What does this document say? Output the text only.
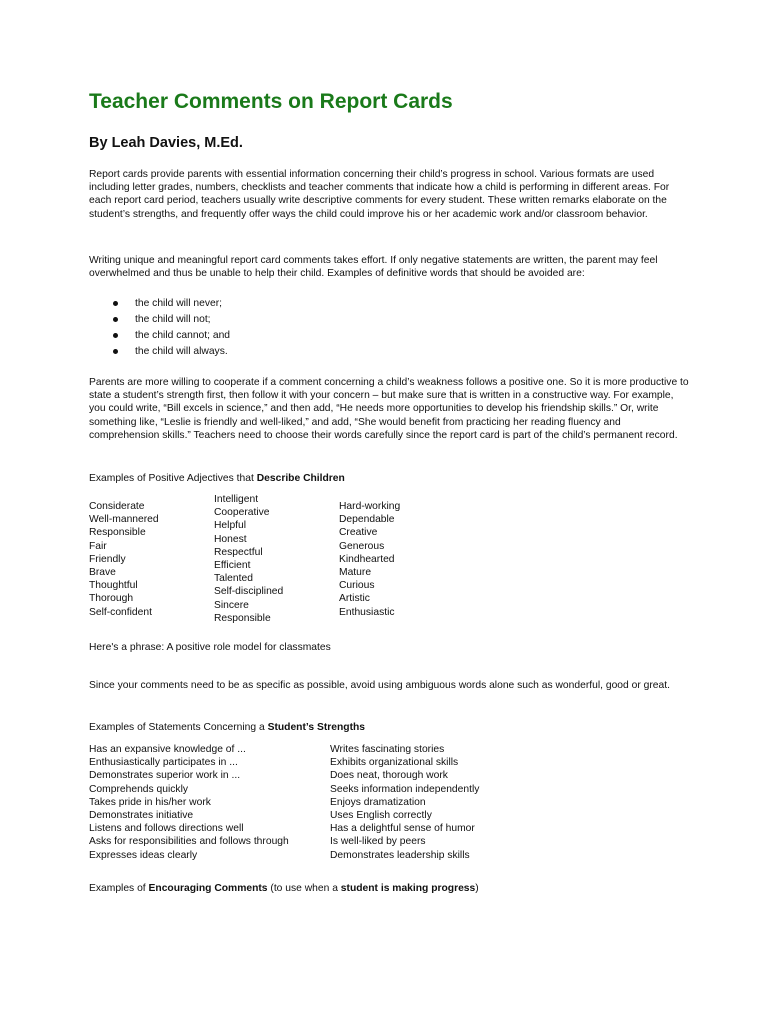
Teacher Comments on Report Cards
By Leah Davies, M.Ed.

Report cards provide parents with essential information concerning their child’s progress in school. Various formats are used including letter grades, numbers, checklists and teacher comments that indicate how a child is performing in different areas. For each report card period, teachers usually write descriptive comments for every student. These written remarks elaborate on the student’s strengths, and frequently offer ways the child could improve his or her academic work and/or classroom behavior.

Writing unique and meaningful report card comments takes effort. If only negative statements are written, the parent may feel overwhelmed and thus be unable to help their child. Examples of definitive words that should be avoided are:

the child will never;
the child will not;
the child cannot; and
the child will always.

Parents are more willing to cooperate if a comment concerning a child’s weakness follows a positive one. So it is more productive to state a student’s strength first, then follow it with your concern – but make sure that is written in a constructive way. For example, you could write, “Bill excels in science,” and then add, “He needs more opportunities to develop his friendship skills.” Or, write something like, “Leslie is friendly and well-liked,” and add, “She would benefit from practicing her reading fluency and comprehension skills.” Teachers need to choose their words carefully since the report card is part of the child’s permanent record.

Examples of Positive Adjectives that Describe Children
Considerate
Well-mannered
Responsible
Fair
Friendly
Brave
Thoughtful
Thorough
Self-confident
Intelligent
Cooperative
Helpful
Honest
Respectful
Efficient
Talented
Self-disciplined
Sincere
Responsible
Hard-working
Dependable
Creative
Generous
Kindhearted
Mature
Curious
Artistic
Enthusiastic

Here's a phrase: A positive role model for classmates

Since your comments need to be as specific as possible, avoid using ambiguous words alone such as wonderful, good or great.

Examples of Statements Concerning a Student’s Strengths
Has an expansive knowledge of ...
Enthusiastically participates in ...
Demonstrates superior work in ...
Comprehends quickly
Takes pride in his/her work
Demonstrates initiative
Listens and follows directions well
Asks for responsibilities and follows through
Expresses ideas clearly
Writes fascinating stories
Exhibits organizational skills
Does neat, thorough work
Seeks information independently
Enjoys dramatization
Uses English correctly
Has a delightful sense of humor
Is well-liked by peers
Demonstrates leadership skills
Examples of Encouraging Comments (to use when a student is making progress)
